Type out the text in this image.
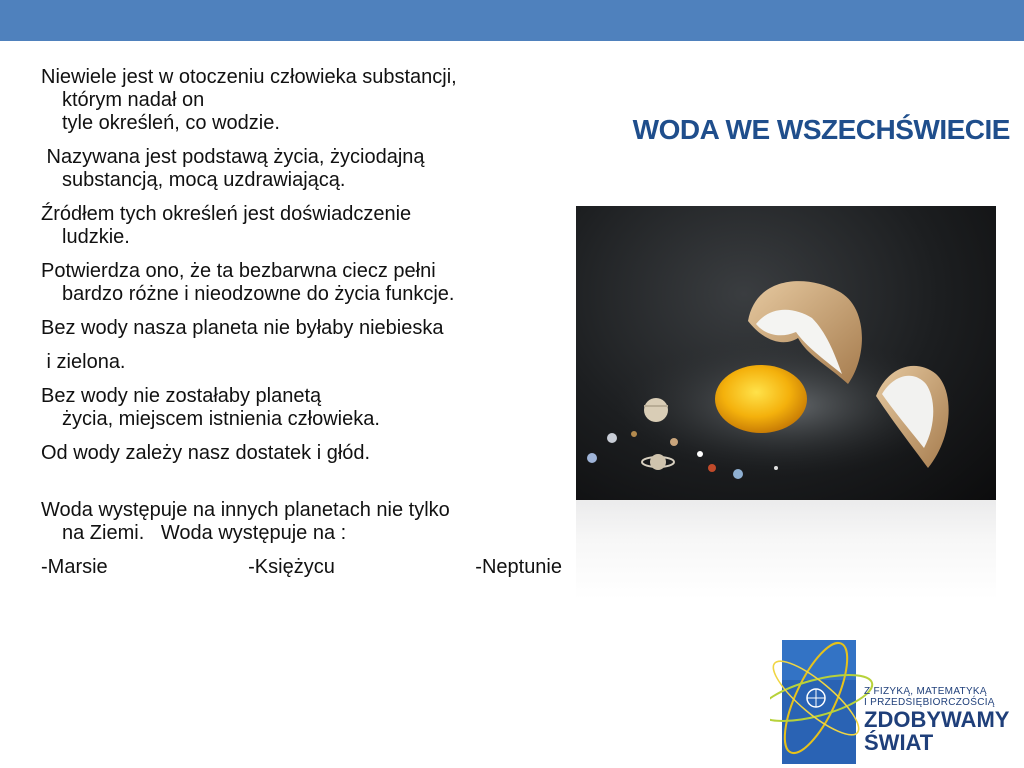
WODA WE WSZECHŚWIECIE
Niewiele jest w otoczeniu człowieka substancji,
którym nadał on
tyle określeń, co wodzie.
Nazywana jest podstawą życia, życiodajną
substancją, mocą uzdrawiającą.
Źródłem tych określeń jest doświadczenie
ludzkie.
Potwierdza ono, że ta bezbarwna ciecz pełni
bardzo różne i nieodzowne do życia funkcje.
Bez wody nasza planeta nie byłaby niebieska
i zielona.
Bez wody nie zostałaby planetą
życia, miejscem istnienia człowieka.
Od wody zależy nasz dostatek i głód.
Woda występuje na innych planetach nie tylko
na Ziemi.   Woda występuje na :
-Marsie	-Księżycu	-Neptunie
Z FIZYKĄ, MATEMATYKĄ
I PRZEDSIĘBIORCZOŚCIĄ
ZDOBYWAMY
ŚWIAT
